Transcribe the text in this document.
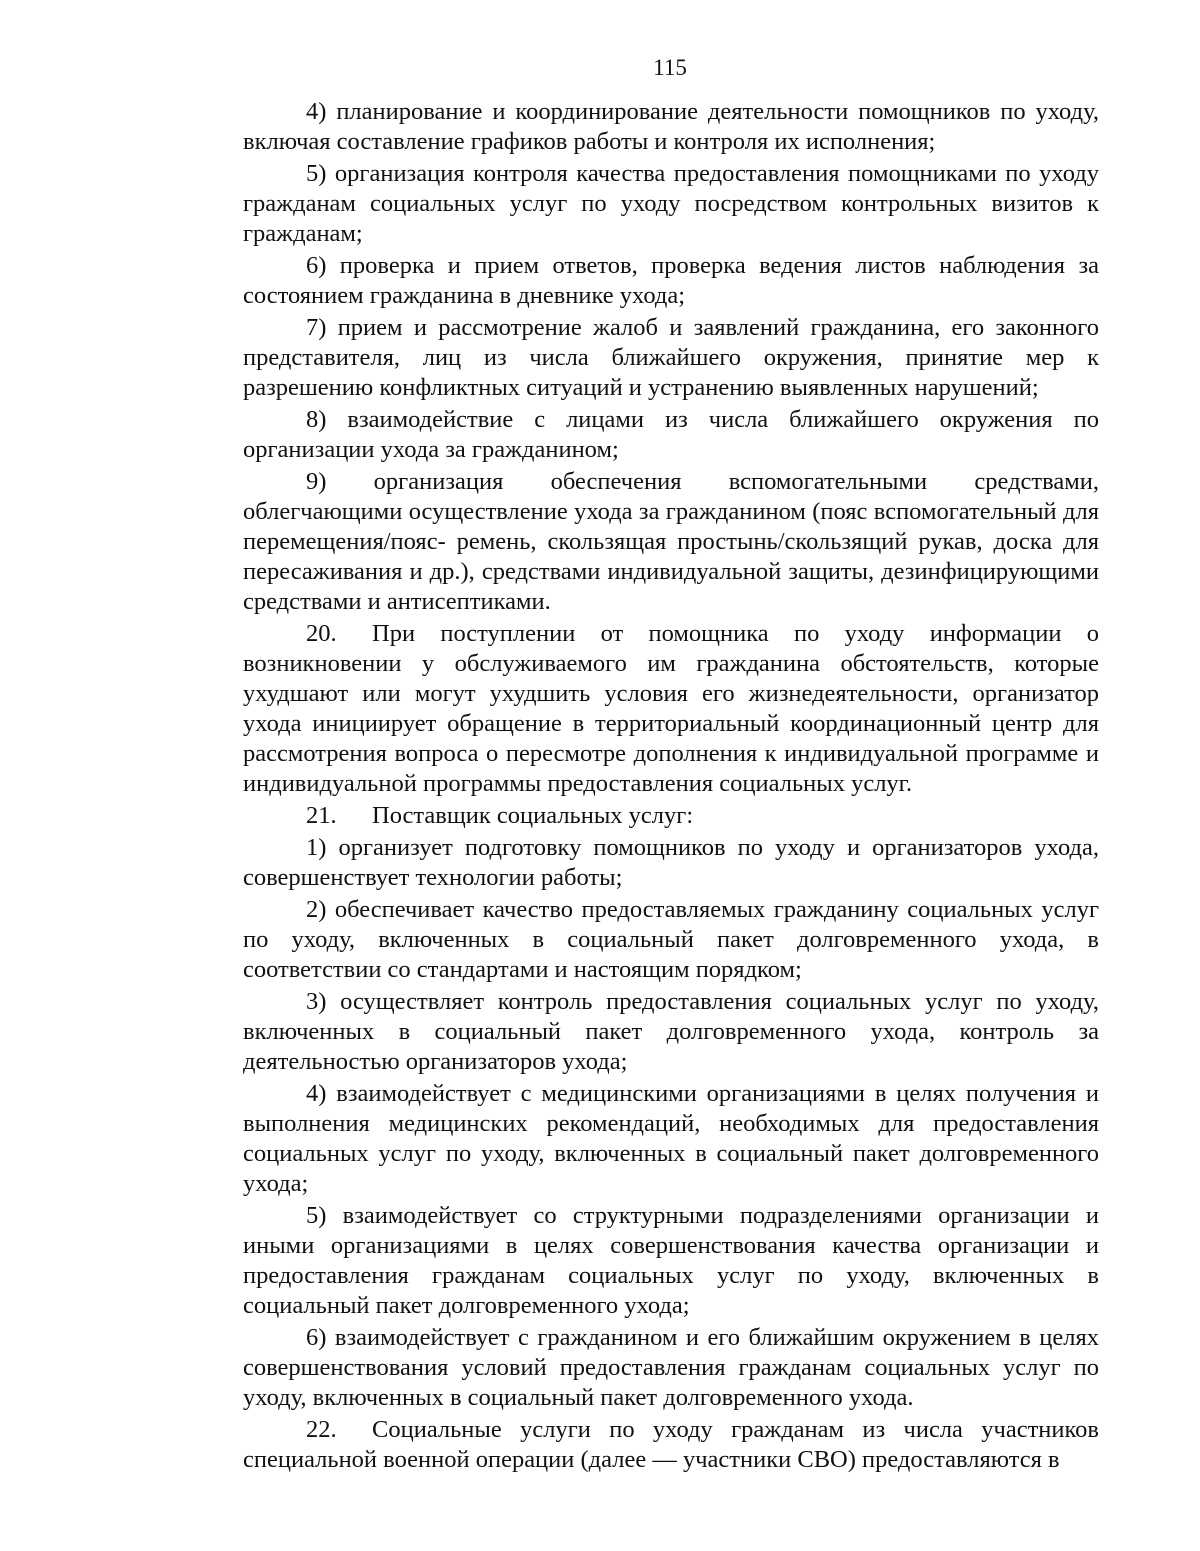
115

4) планирование и координирование деятельности помощников по уходу, включая составление графиков работы и контроля их исполнения;

5) организация контроля качества предоставления помощниками по уходу гражданам социальных услуг по уходу посредством контрольных визитов к гражданам;

6) проверка и прием ответов, проверка ведения листов наблюдения за состоянием гражданина в дневнике ухода;

7) прием и рассмотрение жалоб и заявлений гражданина, его законного представителя, лиц из числа ближайшего окружения, принятие мер к разрешению конфликтных ситуаций и устранению выявленных нарушений;

8) взаимодействие с лицами из числа ближайшего окружения по организации ухода за гражданином;

9) организация обеспечения вспомогательными средствами, облегчающими осуществление ухода за гражданином (пояс вспомогательный для перемещения/пояс- ремень, скользящая простынь/скользящий рукав, доска для пересаживания и др.), средствами индивидуальной защиты, дезинфицирующими средствами и антисептиками.

20. При поступлении от помощника по уходу информации о возникновении у обслуживаемого им гражданина обстоятельств, которые ухудшают или могут ухудшить условия его жизнедеятельности, организатор ухода инициирует обращение в территориальный координационный центр для рассмотрения вопроса о пересмотре дополнения к индивидуальной программе и индивидуальной программы предоставления социальных услуг.

21. Поставщик социальных услуг:

1) организует подготовку помощников по уходу и организаторов ухода, совершенствует технологии работы;

2) обеспечивает качество предоставляемых гражданину социальных услуг по уходу, включенных в социальный пакет долговременного ухода, в соответствии со стандартами и настоящим порядком;

3) осуществляет контроль предоставления социальных услуг по уходу, включенных в социальный пакет долговременного ухода, контроль за деятельностью организаторов ухода;

4) взаимодействует с медицинскими организациями в целях получения и выполнения медицинских рекомендаций, необходимых для предоставления социальных услуг по уходу, включенных в социальный пакет долговременного ухода;

5) взаимодействует со структурными подразделениями организации и иными организациями в целях совершенствования качества организации и предоставления гражданам социальных услуг по уходу, включенных в социальный пакет долговременного ухода;

6) взаимодействует с гражданином и его ближайшим окружением в целях совершенствования условий предоставления гражданам социальных услуг по уходу, включенных в социальный пакет долговременного ухода.

22. Социальные услуги по уходу гражданам из числа участников специальной военной операции (далее — участники СВО) предоставляются в
